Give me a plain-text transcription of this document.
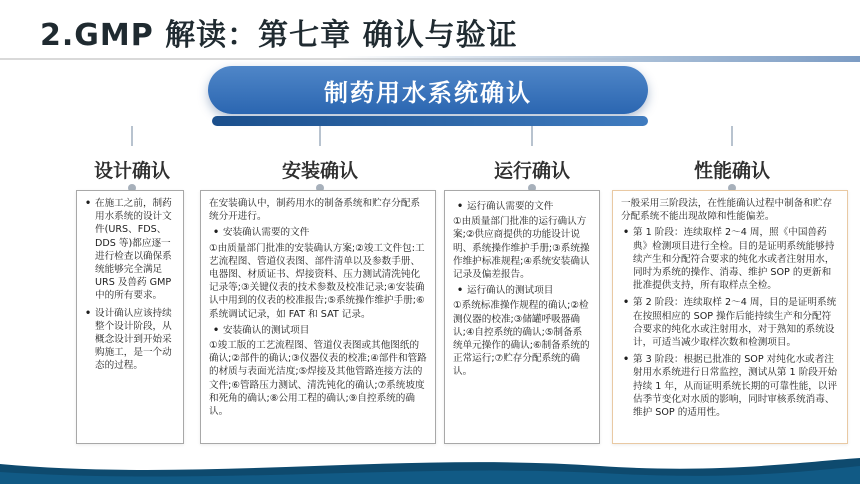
2.GMP 解读：第七章 确认与验证
制药用水系统确认
设计确认	安装确认	运行确认	性能确认
• 在施工之前，制药用水系统的设计文件(URS、FDS、DDS 等)都应逐一进行检查以确保系统能够完全满足 URS 及兽药 GMP 中的所有要求。
• 设计确认应该持续整个设计阶段，从概念设计到开始采购施工，是一个动态的过程。
在安装确认中，制药用水的制备系统和贮存分配系统分开进行。
• 安装确认需要的文件
①由质量部门批准的安装确认方案;②竣工文件包:工艺流程图、管道仪表图、部件清单以及参数手册、电器图、材质证书、焊接资料、压力测试清洗钝化记录等;③关键仪表的技术参数及校准记录;④安装确认中用到的仪表的校准报告;⑤系统操作维护手册;⑥系统调试记录，如 FAT 和 SAT 记录。
• 安装确认的测试项目
①竣工版的工艺流程图、管道仪表图或其他图纸的确认;②部件的确认;③仪器仪表的校准;④部件和管路的材质与表面光洁度;⑤焊接及其他管路连接方法的文件;⑥管路压力测试、清洗钝化的确认;⑦系统坡度和死角的确认;⑧公用工程的确认;⑨自控系统的确认。
• 运行确认需要的文件
①由质量部门批准的运行确认方案;②供应商提供的功能设计说明、系统操作维护手册;③系统操作维护标准规程;④系统安装确认记录及偏差报告。
• 运行确认的测试项目
①系统标准操作规程的确认;②检测仪器的校准;③储罐呼吸器确认;④自控系统的确认;⑤制备系统单元操作的确认;⑥制备系统的正常运行;⑦贮存分配系统的确认。
一般采用三阶段法，在性能确认过程中制备和贮存分配系统不能出现故障和性能偏差。
• 第 1 阶段：连续取样 2～4 周，照《中国兽药典》检测项目进行全检。目的是证明系统能够持续产生和分配符合要求的纯化水或者注射用水，同时为系统的操作、消毒、维护 SOP 的更新和批准提供支持，所有取样点全检。
• 第 2 阶段：连续取样 2～4 周，目的是证明系统在按照相应的 SOP 操作后能持续生产和分配符合要求的纯化水或注射用水，对于熟知的系统设计，可适当减少取样次数和检测项目。
• 第 3 阶段：根据已批准的 SOP 对纯化水或者注射用水系统进行日常监控，测试从第 1 阶段开始持续 1 年，从而证明系统长期的可靠性能，以评估季节变化对水质的影响，同时审核系统消毒、维护 SOP 的适用性。
